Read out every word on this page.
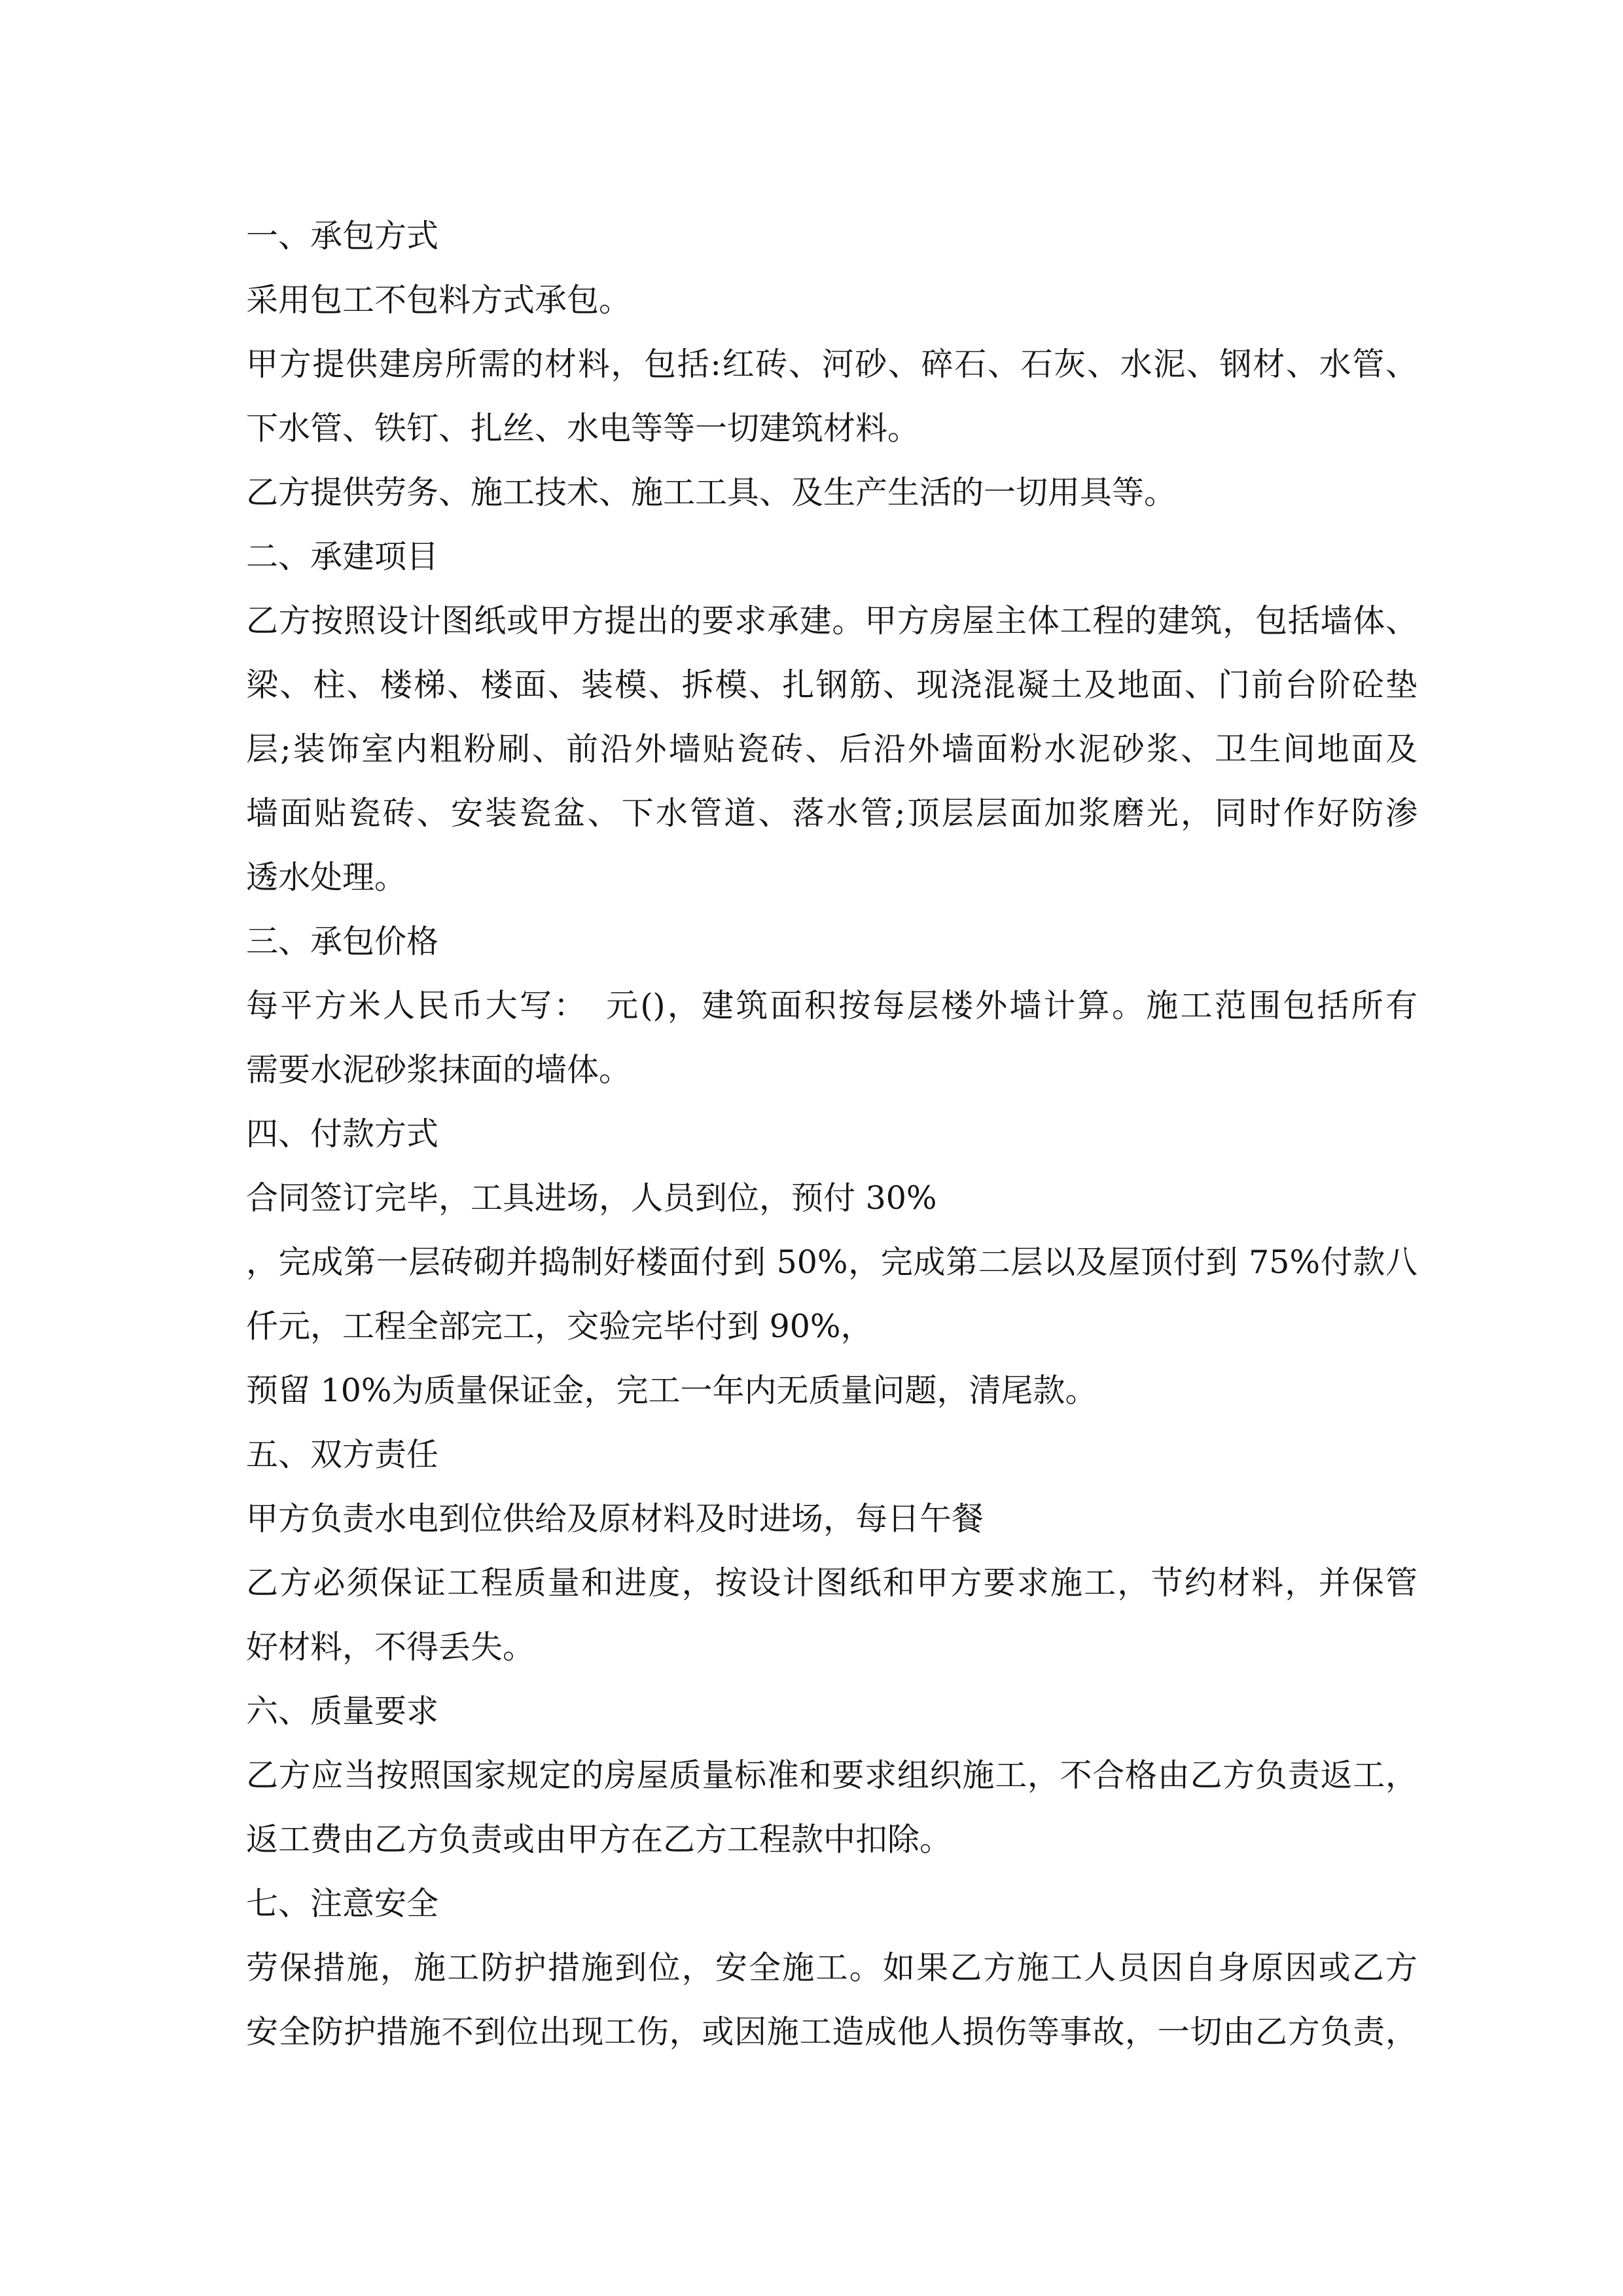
一、承包方式
采用包工不包料方式承包。
甲方提供建房所需的材料，包括:红砖、河砂、碎石、石灰、水泥、钢材、水管、
下水管、铁钉、扎丝、水电等等一切建筑材料。
乙方提供劳务、施工技术、施工工具、及生产生活的一切用具等。
二、承建项目
乙方按照设计图纸或甲方提出的要求承建。甲方房屋主体工程的建筑，包括墙体、
梁、柱、楼梯、楼面、装模、拆模、扎钢筋、现浇混凝土及地面、门前台阶砼垫
层;装饰室内粗粉刷、前沿外墙贴瓷砖、后沿外墙面粉水泥砂浆、卫生间地面及
墙面贴瓷砖、安装瓷盆、下水管道、落水管;顶层层面加浆磨光，同时作好防渗
透水处理。
三、承包价格
每平方米人民币大写：　元()，建筑面积按每层楼外墙计算。施工范围包括所有
需要水泥砂浆抹面的墙体。
四、付款方式
合同签订完毕，工具进场，人员到位，预付 30%
，完成第一层砖砌并捣制好楼面付到 50%，完成第二层以及屋顶付到 75%付款八
仟元，工程全部完工，交验完毕付到 90%，
预留 10%为质量保证金，完工一年内无质量问题，清尾款。
五、双方责任
甲方负责水电到位供给及原材料及时进场，每日午餐
乙方必须保证工程质量和进度，按设计图纸和甲方要求施工，节约材料，并保管
好材料，不得丢失。
六、质量要求
乙方应当按照国家规定的房屋质量标准和要求组织施工，不合格由乙方负责返工，
返工费由乙方负责或由甲方在乙方工程款中扣除。
七、注意安全
劳保措施，施工防护措施到位，安全施工。如果乙方施工人员因自身原因或乙方
安全防护措施不到位出现工伤，或因施工造成他人损伤等事故，一切由乙方负责，
